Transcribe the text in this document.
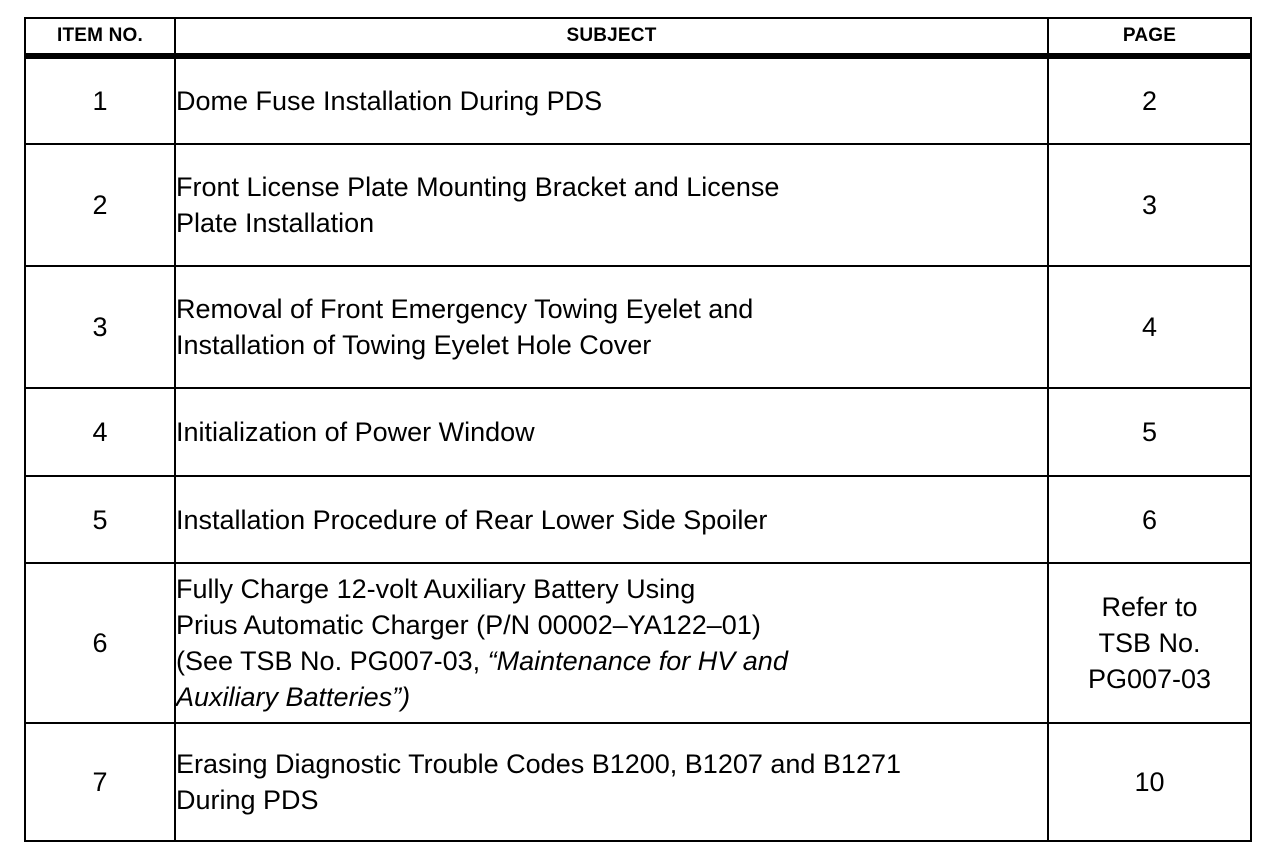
ITEM NO.	SUBJECT	PAGE
1	Dome Fuse Installation During PDS	2

2	Front License Plate Mounting Bracket and License
Plate Installation	3

3	Removal of Front Emergency Towing Eyelet and
Installation of Towing Eyelet Hole Cover	4

4	Initialization of Power Window	5

5	Installation Procedure of Rear Lower Side Spoiler	6

6	Fully Charge 12-volt Auxiliary Battery Using
Prius Automatic Charger (P/N 00002–YA122–01)
(See TSB No. PG007-03, “Maintenance for HV and
Auxiliary Batteries”)	Refer to
TSB No.
PG007-03

7	Erasing Diagnostic Trouble Codes B1200, B1207 and B1271
During PDS	10
